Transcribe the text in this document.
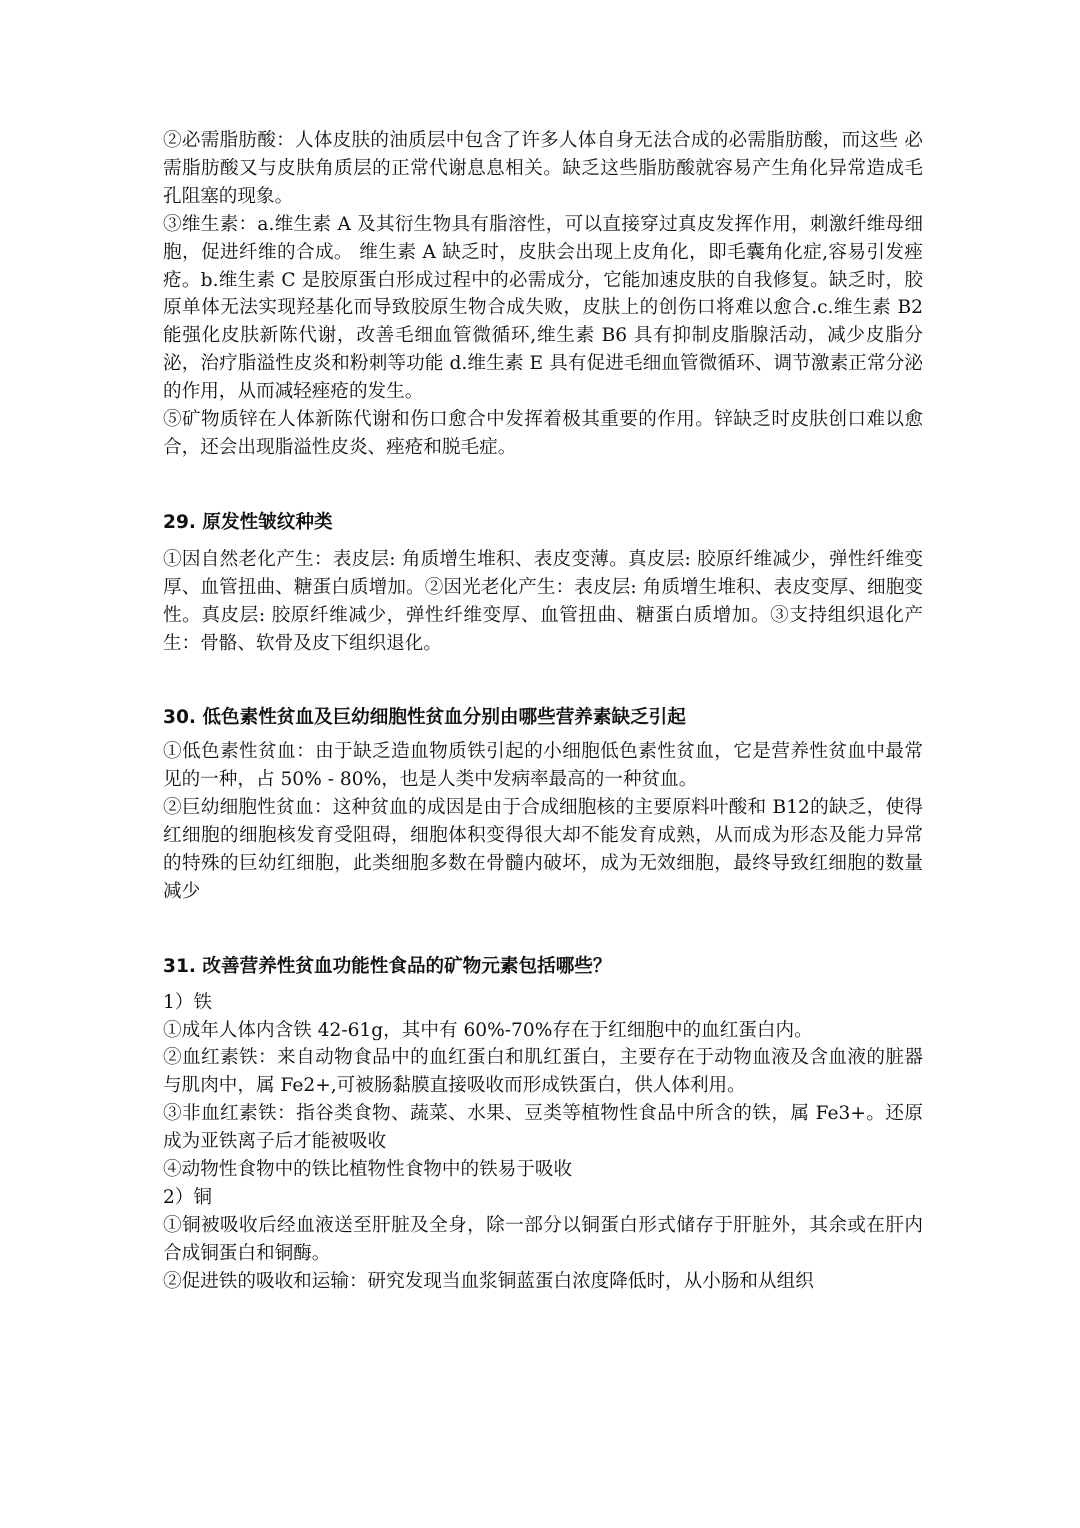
②必需脂肪酸：人体皮肤的油质层中包含了许多人体自身无法合成的必需脂肪酸，而这些 必需脂肪酸又与皮肤角质层的正常代谢息息相关。缺乏这些脂肪酸就容易产生角化异常造成毛孔阻塞的现象。

③维生素：a.维生素 A 及其衍生物具有脂溶性，可以直接穿过真皮发挥作用，刺激纤维母细胞，促进纤维的合成。 维生素 A 缺乏时，皮肤会出现上皮角化，即毛囊角化症,容易引发痤疮。b.维生素 C 是胶原蛋白形成过程中的必需成分，它能加速皮肤的自我修复。缺乏时，胶原单体无法实现羟基化而导致胶原生物合成失败，皮肤上的创伤口将难以愈合.c.维生素 B2 能强化皮肤新陈代谢，改善毛细血管微循环,维生素 B6 具有抑制皮脂腺活动，减少皮脂分泌，治疗脂溢性皮炎和粉刺等功能 d.维生素 E 具有促进毛细血管微循环、调节激素正常分泌的作用，从而减轻痤疮的发生。

⑤矿物质锌在人体新陈代谢和伤口愈合中发挥着极其重要的作用。锌缺乏时皮肤创口难以愈合，还会出现脂溢性皮炎、痤疮和脱毛症。

29. 原发性皱纹种类

①因自然老化产生：表皮层: 角质增生堆积、表皮变薄。真皮层: 胶原纤维减少，弹性纤维变厚、血管扭曲、糖蛋白质增加。②因光老化产生：表皮层: 角质增生堆积、表皮变厚、细胞变性。真皮层: 胶原纤维减少，弹性纤维变厚、血管扭曲、糖蛋白质增加。③支持组织退化产生：骨骼、软骨及皮下组织退化。

30. 低色素性贫血及巨幼细胞性贫血分别由哪些营养素缺乏引起

①低色素性贫血：由于缺乏造血物质铁引起的小细胞低色素性贫血，它是营养性贫血中最常见的一种，占 50% - 80%，也是人类中发病率最高的一种贫血。

②巨幼细胞性贫血：这种贫血的成因是由于合成细胞核的主要原料叶酸和 B12的缺乏，使得红细胞的细胞核发育受阻碍，细胞体积变得很大却不能发育成熟，从而成为形态及能力异常的特殊的巨幼红细胞，此类细胞多数在骨髓内破坏，成为无效细胞，最终导致红细胞的数量减少

31. 改善营养性贫血功能性食品的矿物元素包括哪些？

1）铁

①成年人体内含铁 42-61g，其中有 60%-70%存在于红细胞中的血红蛋白内。

②血红素铁：来自动物食品中的血红蛋白和肌红蛋白，主要存在于动物血液及含血液的脏器与肌肉中，属 Fe2+,可被肠黏膜直接吸收而形成铁蛋白，供人体利用。

③非血红素铁：指谷类食物、蔬菜、水果、豆类等植物性食品中所含的铁，属 Fe3+。还原成为亚铁离子后才能被吸收

④动物性食物中的铁比植物性食物中的铁易于吸收

2）铜

①铜被吸收后经血液送至肝脏及全身，除一部分以铜蛋白形式储存于肝脏外，其余或在肝内合成铜蛋白和铜酶。

②促进铁的吸收和运输：研究发现当血浆铜蓝蛋白浓度降低时，从小肠和从组织
